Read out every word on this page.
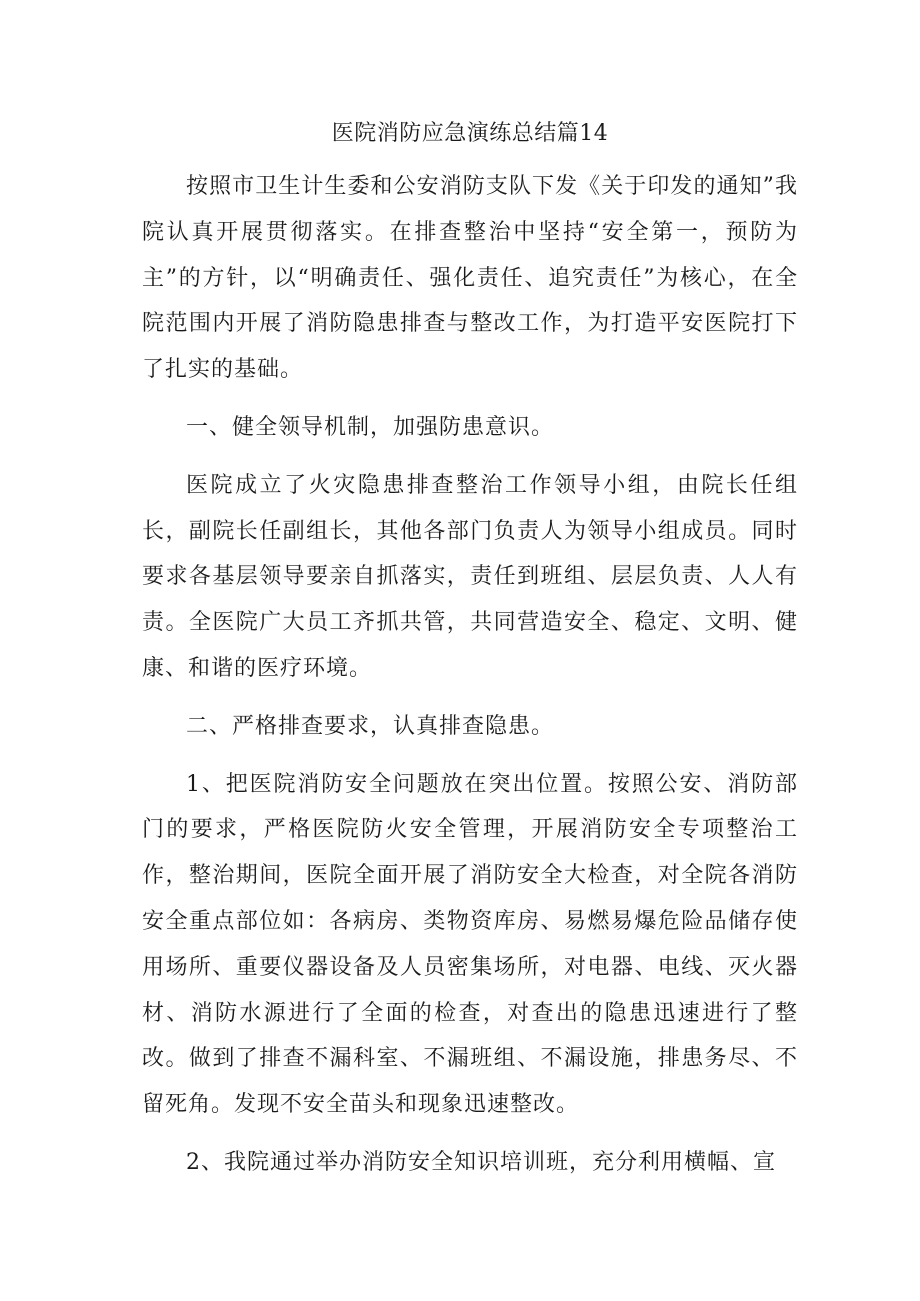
医院消防应急演练总结篇14

按照市卫生计生委和公安消防支队下发《关于印发的通知”我院认真开展贯彻落实。在排查整治中坚持“安全第一，预防为主”的方针，以“明确责任、强化责任、追究责任”为核心，在全院范围内开展了消防隐患排查与整改工作，为打造平安医院打下了扎实的基础。

一、健全领导机制，加强防患意识。

医院成立了火灾隐患排查整治工作领导小组，由院长任组长，副院长任副组长，其他各部门负责人为领导小组成员。同时要求各基层领导要亲自抓落实，责任到班组、层层负责、人人有责。全医院广大员工齐抓共管，共同营造安全、稳定、文明、健康、和谐的医疗环境。

二、严格排查要求，认真排查隐患。

1、把医院消防安全问题放在突出位置。按照公安、消防部门的要求，严格医院防火安全管理，开展消防安全专项整治工作，整治期间，医院全面开展了消防安全大检查，对全院各消防安全重点部位如：各病房、类物资库房、易燃易爆危险品储存使用场所、重要仪器设备及人员密集场所，对电器、电线、灭火器材、消防水源进行了全面的检查，对查出的隐患迅速进行了整改。做到了排查不漏科室、不漏班组、不漏设施，排患务尽、不留死角。发现不安全苗头和现象迅速整改。

2、我院通过举办消防安全知识培训班，充分利用横幅、宣
